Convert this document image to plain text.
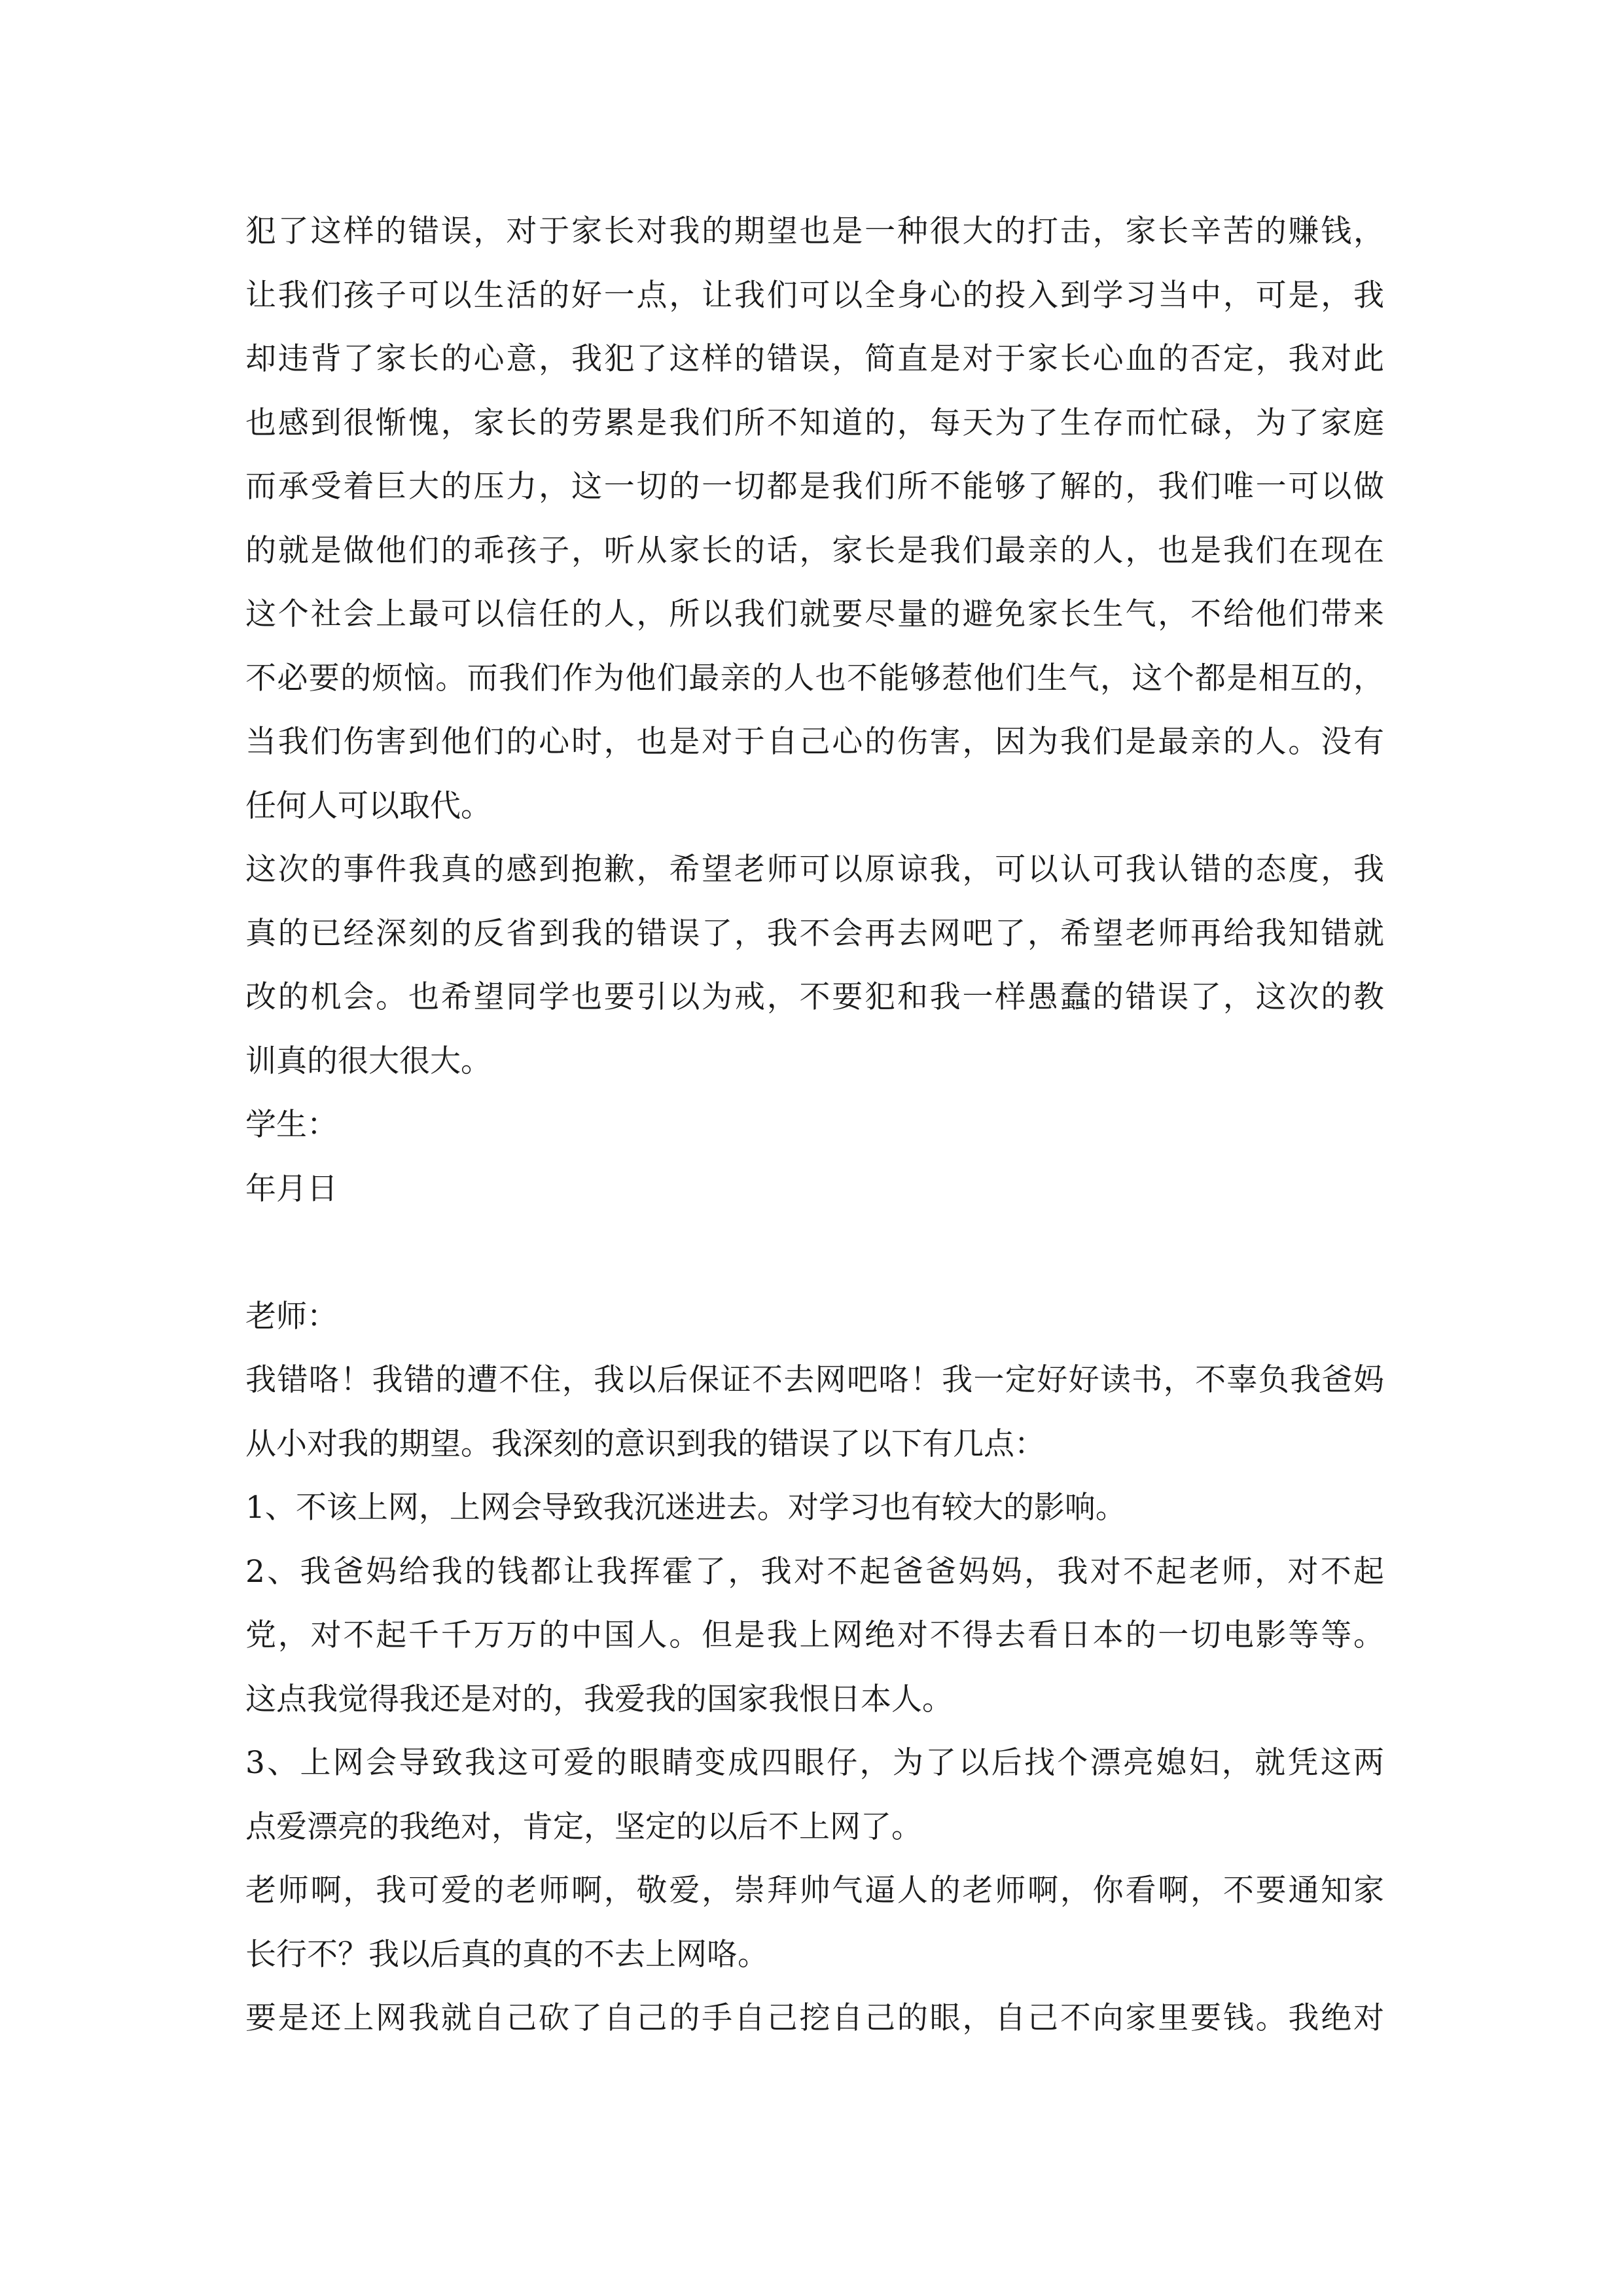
犯了这样的错误，对于家长对我的期望也是一种很大的打击，家长辛苦的赚钱，
让我们孩子可以生活的好一点，让我们可以全身心的投入到学习当中，可是，我
却违背了家长的心意，我犯了这样的错误，简直是对于家长心血的否定，我对此
也感到很惭愧，家长的劳累是我们所不知道的，每天为了生存而忙碌，为了家庭
而承受着巨大的压力，这一切的一切都是我们所不能够了解的，我们唯一可以做
的就是做他们的乖孩子，听从家长的话，家长是我们最亲的人，也是我们在现在
这个社会上最可以信任的人，所以我们就要尽量的避免家长生气，不给他们带来
不必要的烦恼。而我们作为他们最亲的人也不能够惹他们生气，这个都是相互的，
当我们伤害到他们的心时，也是对于自己心的伤害，因为我们是最亲的人。没有
任何人可以取代。
这次的事件我真的感到抱歉，希望老师可以原谅我，可以认可我认错的态度，我
真的已经深刻的反省到我的错误了，我不会再去网吧了，希望老师再给我知错就
改的机会。也希望同学也要引以为戒，不要犯和我一样愚蠢的错误了，这次的教
训真的很大很大。
学生：
年月日
老师：
我错咯！我错的遭不住，我以后保证不去网吧咯！我一定好好读书，不辜负我爸妈
从小对我的期望。我深刻的意识到我的错误了以下有几点：
1、不该上网，上网会导致我沉迷进去。对学习也有较大的影响。
2、我爸妈给我的钱都让我挥霍了，我对不起爸爸妈妈，我对不起老师，对不起
党，对不起千千万万的中国人。但是我上网绝对不得去看日本的一切电影等等。
这点我觉得我还是对的，我爱我的国家我恨日本人。
3、上网会导致我这可爱的眼睛变成四眼仔，为了以后找个漂亮媳妇，就凭这两
点爱漂亮的我绝对，肯定，坚定的以后不上网了。
老师啊，我可爱的老师啊，敬爱，崇拜帅气逼人的老师啊，你看啊，不要通知家
长行不？我以后真的真的不去上网咯。
要是还上网我就自己砍了自己的手自己挖自己的眼，自己不向家里要钱。我绝对
